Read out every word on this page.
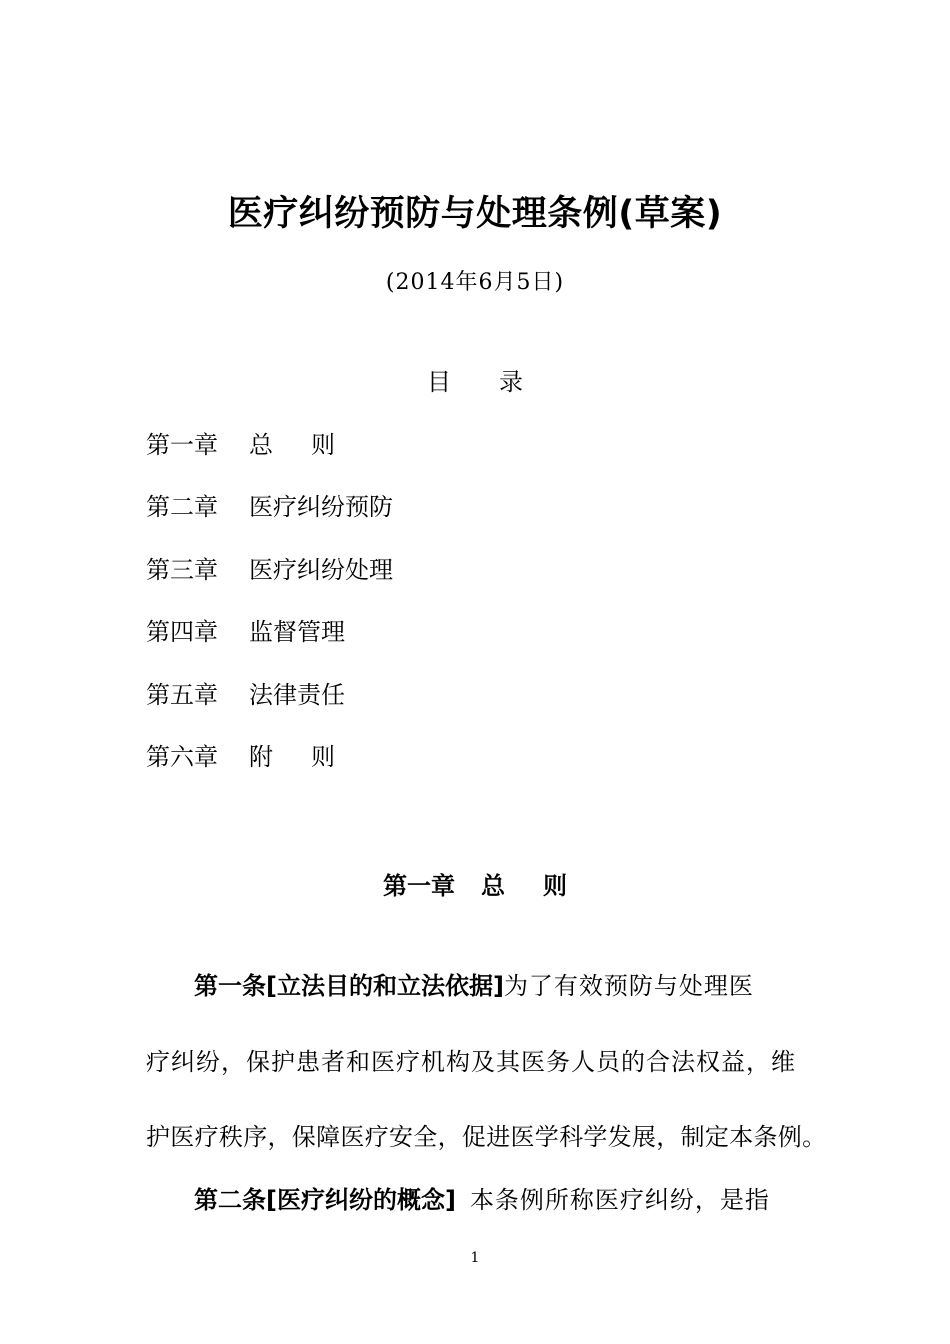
医疗纠纷预防与处理条例(草案)
(2014年6月5日)
目 录
第一章 总 则
第二章 医疗纠纷预防
第三章 医疗纠纷处理
第四章 监督管理
第五章 法律责任
第六章 附 则
第一章 总 则
第一条[立法目的和立法依据]为了有效预防与处理医
疗纠纷，保护患者和医疗机构及其医务人员的合法权益，维
护医疗秩序，保障医疗安全，促进医学科学发展，制定本条例。
第二条[医疗纠纷的概念] 本条例所称医疗纠纷，是指
1
